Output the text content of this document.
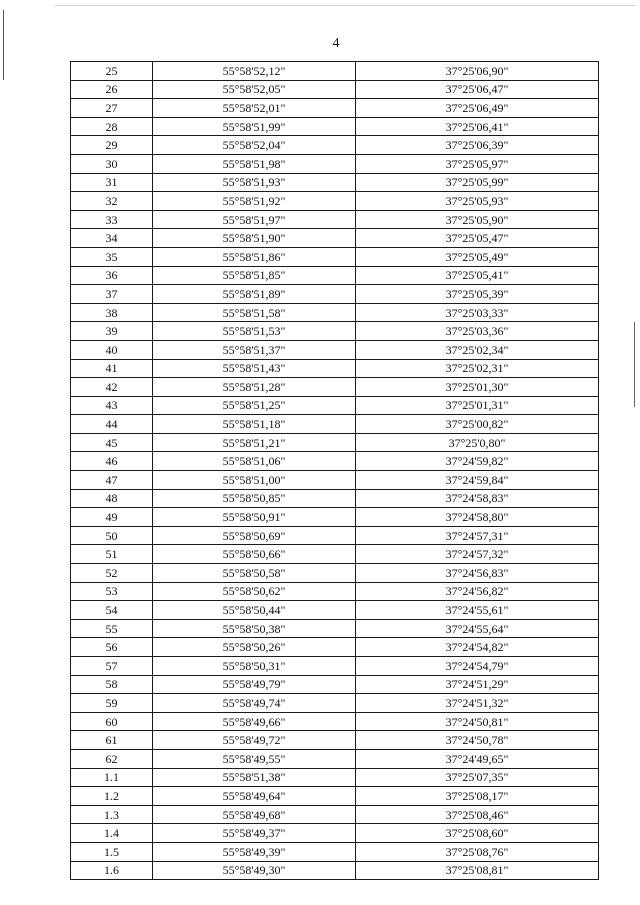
4
25	55°58'52,12"	37°25'06,90"
26	55°58'52,05"	37°25'06,47"
27	55°58'52,01"	37°25'06,49"
28	55°58'51,99"	37°25'06,41"
29	55°58'52,04"	37°25'06,39"
30	55°58'51,98"	37°25'05,97"
31	55°58'51,93"	37°25'05,99"
32	55°58'51,92"	37°25'05,93"
33	55°58'51,97"	37°25'05,90"
34	55°58'51,90"	37°25'05,47"
35	55°58'51,86"	37°25'05,49"
36	55°58'51,85"	37°25'05,41"
37	55°58'51,89"	37°25'05,39"
38	55°58'51,58"	37°25'03,33"
39	55°58'51,53"	37°25'03,36"
40	55°58'51,37"	37°25'02,34"
41	55°58'51,43"	37°25'02,31"
42	55°58'51,28"	37°25'01,30"
43	55°58'51,25"	37°25'01,31"
44	55°58'51,18"	37°25'00,82"
45	55°58'51,21"	37°25'0,80"
46	55°58'51,06"	37°24'59,82"
47	55°58'51,00"	37°24'59,84"
48	55°58'50,85"	37°24'58,83"
49	55°58'50,91"	37°24'58,80"
50	55°58'50,69"	37°24'57,31"
51	55°58'50,66"	37°24'57,32"
52	55°58'50,58"	37°24'56,83"
53	55°58'50,62"	37°24'56,82"
54	55°58'50,44"	37°24'55,61"
55	55°58'50,38"	37°24'55,64"
56	55°58'50,26"	37°24'54,82"
57	55°58'50,31"	37°24'54,79"
58	55°58'49,79"	37°24'51,29"
59	55°58'49,74"	37°24'51,32"
60	55°58'49,66"	37°24'50,81"
61	55°58'49,72"	37°24'50,78"
62	55°58'49,55"	37°24'49,65"
1.1	55°58'51,38"	37°25'07,35"
1.2	55°58'49,64"	37°25'08,17"
1.3	55°58'49,68"	37°25'08,46"
1.4	55°58'49,37"	37°25'08,60"
1.5	55°58'49,39"	37°25'08,76"
1.6	55°58'49,30"	37°25'08,81"
